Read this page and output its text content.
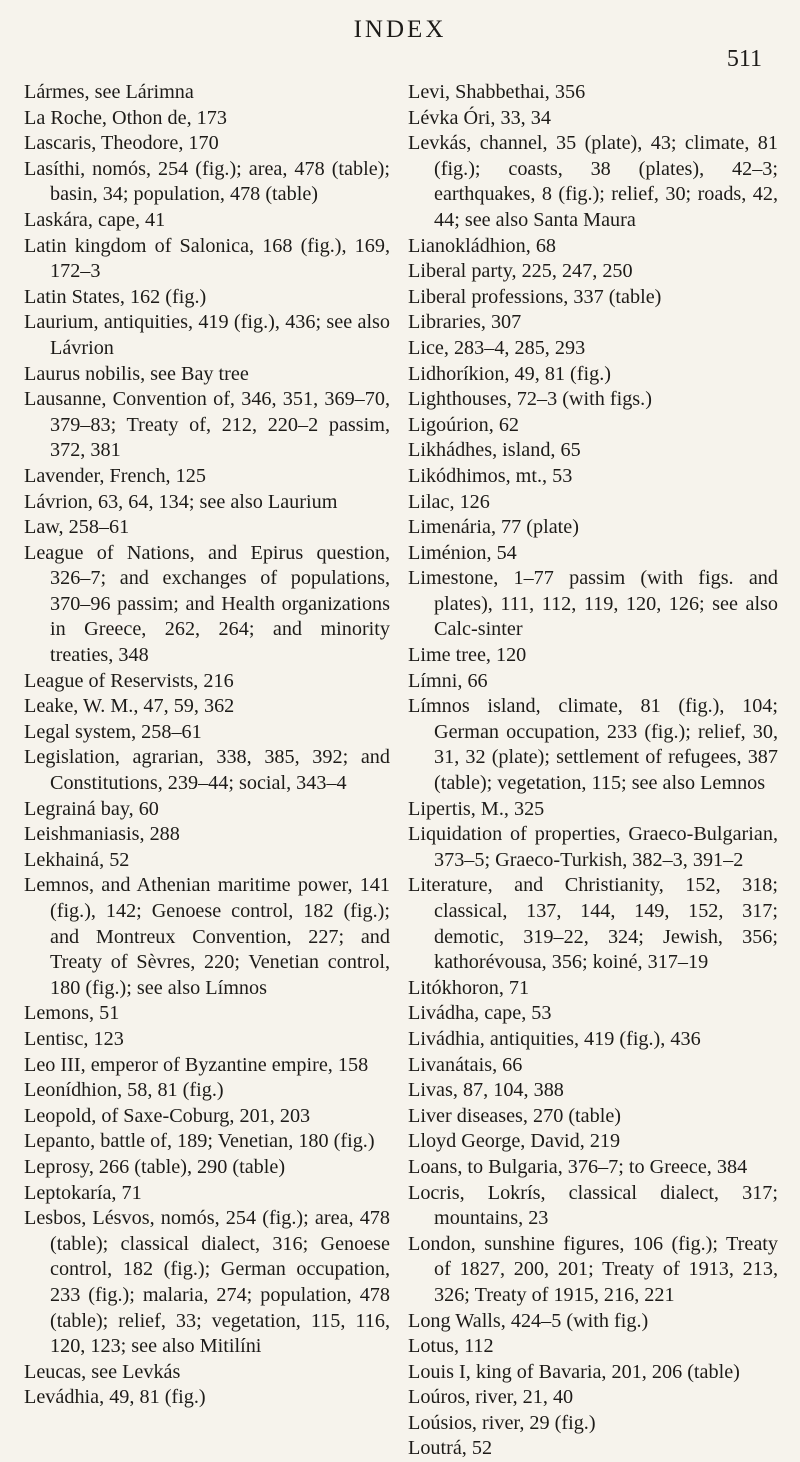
INDEX
511

Lármes, see Lárimna

La Roche, Othon de, 173

Lascaris, Theodore, 170

Lasíthi, nomós, 254 (fig.); area, 478 (table); basin, 34; population, 478 (table)

Laskára, cape, 41

Latin kingdom of Salonica, 168 (fig.), 169, 172–3

Latin States, 162 (fig.)

Laurium, antiquities, 419 (fig.), 436; see also Lávrion

Laurus nobilis, see Bay tree

Lausanne, Convention of, 346, 351, 369–70, 379–83; Treaty of, 212, 220–2 passim, 372, 381

Lavender, French, 125

Lávrion, 63, 64, 134; see also Laurium

Law, 258–61

League of Nations, and Epirus question, 326–7; and exchanges of populations, 370–96 passim; and Health organizations in Greece, 262, 264; and minority treaties, 348

League of Reservists, 216

Leake, W. M., 47, 59, 362

Legal system, 258–61

Legislation, agrarian, 338, 385, 392; and Constitutions, 239–44; social, 343–4

Legrainá bay, 60

Leishmaniasis, 288

Lekhainá, 52

Lemnos, and Athenian maritime power, 141 (fig.), 142; Genoese control, 182 (fig.); and Montreux Convention, 227; and Treaty of Sèvres, 220; Venetian control, 180 (fig.); see also Límnos

Lemons, 51

Lentisc, 123

Leo III, emperor of Byzantine empire, 158

Leonídhion, 58, 81 (fig.)

Leopold, of Saxe-Coburg, 201, 203

Lepanto, battle of, 189; Venetian, 180 (fig.)

Leprosy, 266 (table), 290 (table)

Leptokaría, 71

Lesbos, Lésvos, nomós, 254 (fig.); area, 478 (table); classical dialect, 316; Genoese control, 182 (fig.); German occupation, 233 (fig.); malaria, 274; population, 478 (table); relief, 33; vegetation, 115, 116, 120, 123; see also Mitilíni

Leucas, see Levkás

Levádhia, 49, 81 (fig.)

Levi, Shabbethai, 356

Lévka Óri, 33, 34

Levkás, channel, 35 (plate), 43; climate, 81 (fig.); coasts, 38 (plates), 42–3; earthquakes, 8 (fig.); relief, 30; roads, 42, 44; see also Santa Maura

Lianokládhion, 68

Liberal party, 225, 247, 250

Liberal professions, 337 (table)

Libraries, 307

Lice, 283–4, 285, 293

Lidhoríkion, 49, 81 (fig.)

Lighthouses, 72–3 (with figs.)

Ligoúrion, 62

Likhádhes, island, 65

Likódhimos, mt., 53

Lilac, 126

Limenária, 77 (plate)

Liménion, 54

Limestone, 1–77 passim (with figs. and plates), 111, 112, 119, 120, 126; see also Calc-sinter

Lime tree, 120

Límni, 66

Límnos island, climate, 81 (fig.), 104; German occupation, 233 (fig.); relief, 30, 31, 32 (plate); settlement of refugees, 387 (table); vegetation, 115; see also Lemnos

Lipertis, M., 325

Liquidation of properties, Graeco-Bulgarian, 373–5; Graeco-Turkish, 382–3, 391–2

Literature, and Christianity, 152, 318; classical, 137, 144, 149, 152, 317; demotic, 319–22, 324; Jewish, 356; kathorévousa, 356; koiné, 317–19

Litókhoron, 71

Livádha, cape, 53

Livádhia, antiquities, 419 (fig.), 436

Livanátais, 66

Livas, 87, 104, 388

Liver diseases, 270 (table)

Lloyd George, David, 219

Loans, to Bulgaria, 376–7; to Greece, 384

Locris, Lokrís, classical dialect, 317; mountains, 23

London, sunshine figures, 106 (fig.); Treaty of 1827, 200, 201; Treaty of 1913, 213, 326; Treaty of 1915, 216, 221

Long Walls, 424–5 (with fig.)

Lotus, 112

Louis I, king of Bavaria, 201, 206 (table)

Loúros, river, 21, 40

Loúsios, river, 29 (fig.)

Loutrá, 52
